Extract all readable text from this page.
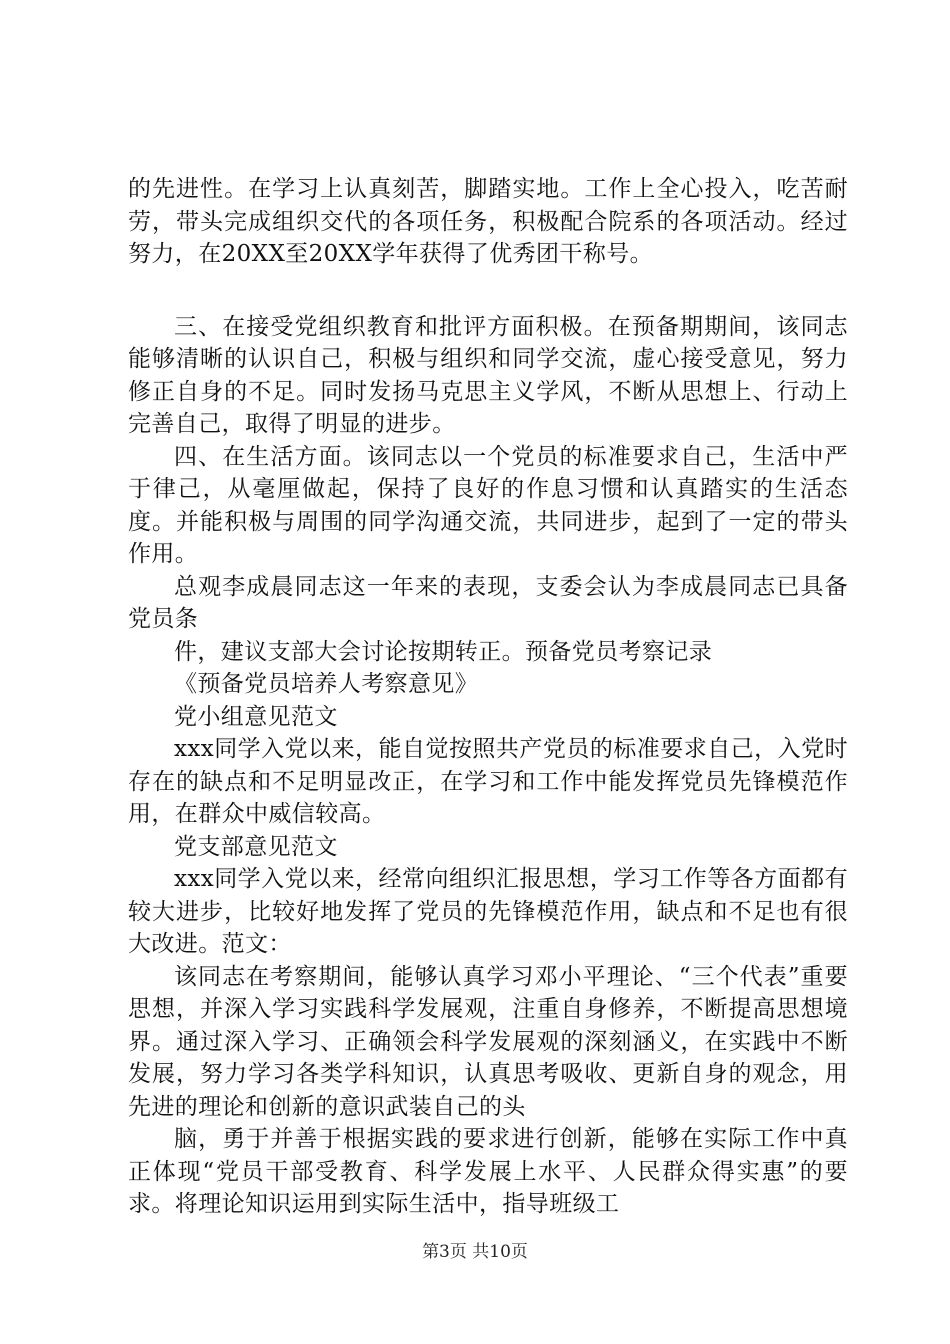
的先进性。在学习上认真刻苦，脚踏实地。工作上全心投入，吃苦耐劳，带头完成组织交代的各项任务，积极配合院系的各项活动。经过努力，在20XX至20XX学年获得了优秀团干称号。

三、在接受党组织教育和批评方面积极。在预备期期间，该同志能够清晰的认识自己，积极与组织和同学交流，虚心接受意见，努力修正自身的不足。同时发扬马克思主义学风，不断从思想上、行动上完善自己，取得了明显的进步。

四、在生活方面。该同志以一个党员的标准要求自己，生活中严于律己，从毫厘做起，保持了良好的作息习惯和认真踏实的生活态度。并能积极与周围的同学沟通交流，共同进步，起到了一定的带头作用。

总观李成晨同志这一年来的表现，支委会认为李成晨同志已具备党员条

件，建议支部大会讨论按期转正。预备党员考察记录

《预备党员培养人考察意见》

党小组意见范文

xxx同学入党以来，能自觉按照共产党员的标准要求自己，入党时存在的缺点和不足明显改正，在学习和工作中能发挥党员先锋模范作用，在群众中威信较高。

党支部意见范文

xxx同学入党以来，经常向组织汇报思想，学习工作等各方面都有较大进步，比较好地发挥了党员的先锋模范作用，缺点和不足也有很大改进。范文：

该同志在考察期间，能够认真学习邓小平理论、“三个代表”重要思想，并深入学习实践科学发展观，注重自身修养，不断提高思想境界。通过深入学习、正确领会科学发展观的深刻涵义，在实践中不断发展，努力学习各类学科知识，认真思考吸收、更新自身的观念，用先进的理论和创新的意识武装自己的头

脑，勇于并善于根据实践的要求进行创新，能够在实际工作中真正体现“党员干部受教育、科学发展上水平、人民群众得实惠”的要求。将理论知识运用到实际生活中，指导班级工

第3页 共10页
